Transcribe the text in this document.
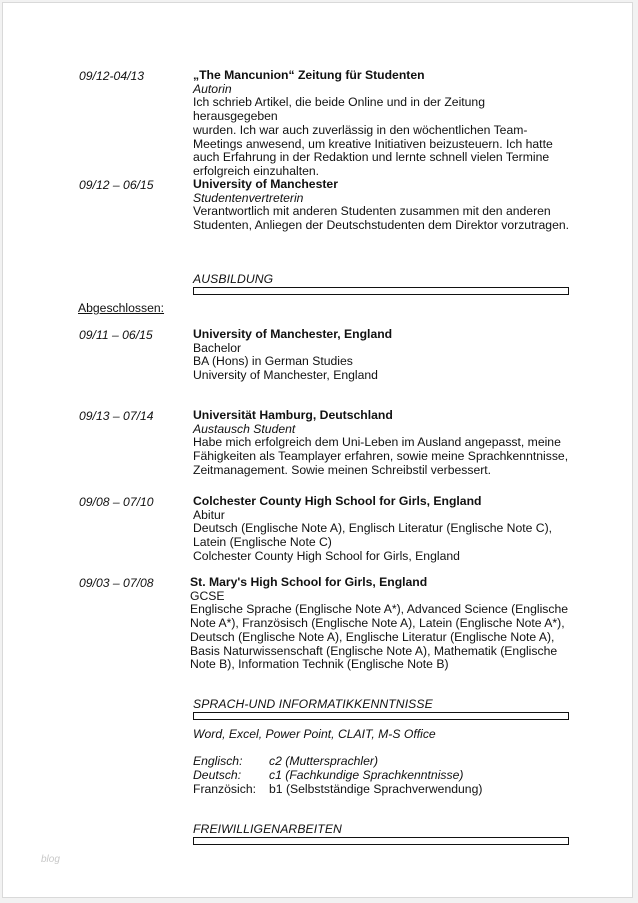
09/12-04/13	„The Mancunion“ Zeitung für Studenten
Autorin
Ich schrieb Artikel, die beide Online und in der Zeitung herausgegeben
wurden. Ich war auch zuverlässig in den wöchentlichen Team-
Meetings anwesend, um kreative Initiativen beizusteuern. Ich hatte
auch Erfahrung in der Redaktion und lernte schnell vielen Termine
erfolgreich einzuhalten.
09/12 – 06/15	University of Manchester
Studentenvertreterin
Verantwortlich mit anderen Studenten zusammen mit den anderen
Studenten, Anliegen der Deutschstudenten dem Direktor vorzutragen.
AUSBILDUNG
Abgeschlossen:
09/11 – 06/15	University of Manchester, England
Bachelor
BA (Hons) in German Studies
University of Manchester, England
09/13 – 07/14	Universität Hamburg, Deutschland
Austausch Student
Habe mich erfolgreich dem Uni-Leben im Ausland angepasst, meine
Fähigkeiten als Teamplayer erfahren, sowie meine Sprachkenntnisse,
Zeitmanagement. Sowie meinen Schreibstil verbessert.
09/08 – 07/10	Colchester County High School for Girls, England
Abitur
Deutsch (Englische Note A), Englisch Literatur (Englische Note C),
Latein (Englische Note C)
Colchester County High School for Girls, England
09/03 – 07/08	St. Mary's High School for Girls, England
GCSE
Englische Sprache (Englische Note A*), Advanced Science (Englische
Note A*), Französisch (Englische Note A), Latein (Englische Note A*),
Deutsch (Englische Note A), Englische Literatur (Englische Note A),
Basis Naturwissenschaft (Englische Note A), Mathematik (Englische
Note B), Information Technik (Englische Note B)
SPRACH-UND INFORMATIKKENNTNISSE
Word, Excel, Power Point, CLAIT, M-S Office
Englisch:	c2 (Muttersprachler)
Deutsch:	c1 (Fachkundige Sprachkenntnisse)
Französich:	b1 (Selbstständige Sprachverwendung)
FREIWILLIGENARBEITEN
blog
